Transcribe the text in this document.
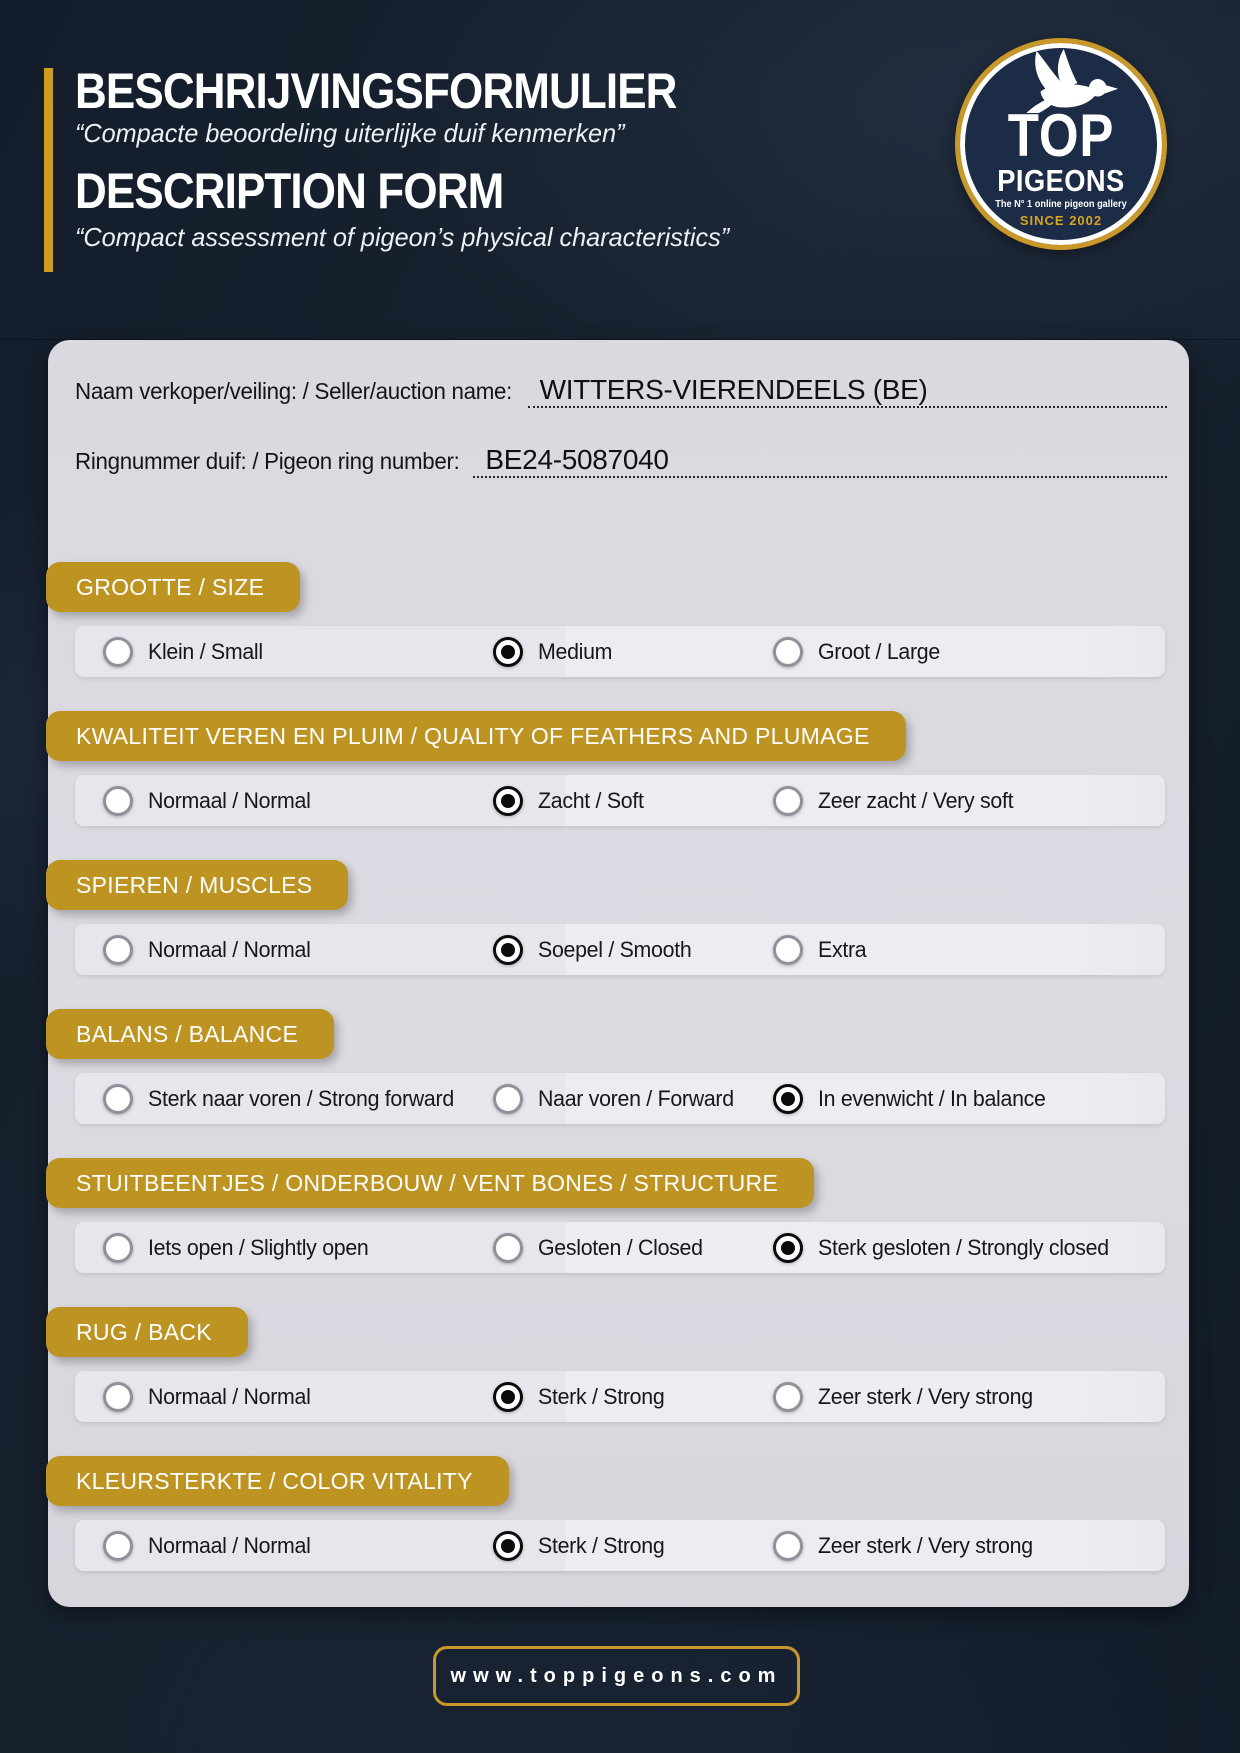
BESCHRIJVINGSFORMULIER
“Compacte beoordeling uiterlijke duif kenmerken”
DESCRIPTION FORM
“Compact assessment of pigeon’s physical characteristics”
TOP
PIGEONS
The N° 1 online pigeon gallery
SINCE 2002
Naam verkoper/veiling: / Seller/auction name: WITTERS-VIERENDEELS (BE)
Ringnummer duif: / Pigeon ring number: BE24-5087040
GROOTTE / SIZE
Klein / Small	Medium	Groot / Large
KWALITEIT VEREN EN PLUIM / QUALITY OF FEATHERS AND PLUMAGE
Normaal / Normal	Zacht / Soft	Zeer zacht / Very soft
SPIEREN / MUSCLES
Normaal / Normal	Soepel / Smooth	Extra
BALANS / BALANCE
Sterk naar voren / Strong forward	Naar voren / Forward	In evenwicht / In balance
STUITBEENTJES / ONDERBOUW / VENT BONES / STRUCTURE
Iets open / Slightly open	Gesloten / Closed	Sterk gesloten / Strongly closed
RUG / BACK
Normaal / Normal	Sterk / Strong	Zeer sterk / Very strong
KLEURSTERKTE / COLOR VITALITY
Normaal / Normal	Sterk / Strong	Zeer sterk / Very strong
www.toppigeons.com
